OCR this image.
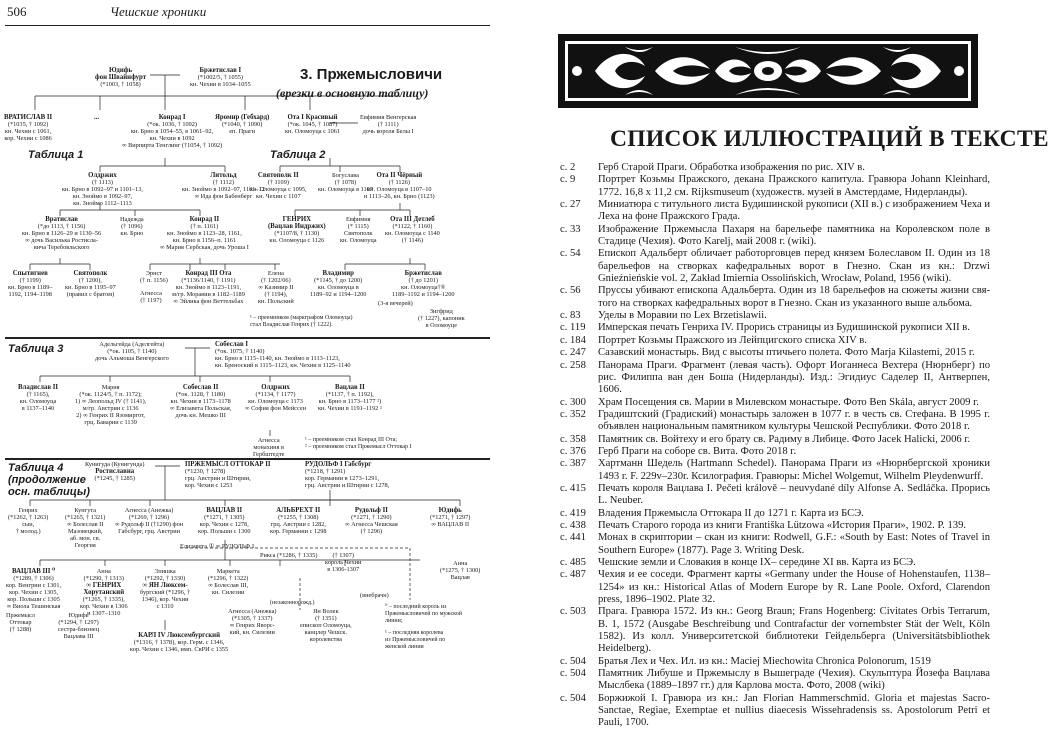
506	Чешские хроники
3. Пржемысловичи
(врезки в основную таблицу)
Таблица 1	Таблица 2
Таблица 3
Таблица 4
(продолжение
осн. таблицы)
Юдифь
фон Швайнфурт
(*1003, † 1058)
Бржетислав I
(*1002/5, † 1055)
кн. Чехии в 1034–1055
ВРАТИСЛАВ II
(*1035, † 1092)
кн. Чехии с 1061,
кор. Чехии с 1086
...	Конрад I
(*ок. 1036, † 1092)
кн. Брно в 1054–55, в 1061–92,
кн. Чехии в 1092
∞ Вирпирта Тенглинг (†1054, † 1092)
Яромир (Гебхард)
(*1040, † 1090)
еп. Праги
Ота I Красивый
(*ок. 1045, † 1087)
кн. Оломоуца с 1061
Евфимия Венгерская
(† 1111)
дочь короля Белы I
Олдржих
(† 1113)
кн. Брно в 1092–97 и 1101–13,
кн. Зноймо в 1092–97,
кн. Зноймо 1112–1113
Литольд
(† 1112)
кн. Зноймо в 1092–97, 1101–12
∞ Ида фон Бабенберг
Вратислав
(*до 1113, † 1156)
кн. Брно в 1126–29 и 1130–56
∞ дочь Василька Ростисла-
вича Теребовльского
Надежда
(† 1096)
кн. Брно
Конрад II
(† п. 1161)
кн. Зноймо в 1123–28, 1161,
кн. Брно в 1156–п. 1161
∞ Мария Сербская, дочь Уроша I
Спытигнев
(† 1199)
кн. Брно в 1189–
1192, 1194–1198
Святополк
(† 1200),
кн. Брно в 1195–97
(правил с братом)
Эрнст
(† п. 1156)
Агнесса
(† 1197)
Конрад III Ота
(*1136/1140, † 1191)
кн. Зноймо в 1123–1191,
м/гр. Моравии в 1182–1189
∞ Эйлика фон Веттельбах
Елена
(† 1202/06)
∞ Казимир II
(† 1194),
кн. Польский
Святополк II
(† 1109)
кн. Оломоуца с 1095,
кн. Чехии с 1107
Богуслава
(† 1078)
кн. Оломоуца в 1107
Ота II Чёрный
(† 1126)
кн. Оломоуца в 1107–10
и 1113–26, кн. Брно (1123)
ГЕНРИХ
(Вацлав Индржих)
(*1107/8, † 1130)
кн. Оломоуца с 1126
Евфимия
(* 1115)
Святополк
кн. Оломоуца
Ота III Детлеб
(*1122, † 1160)
кн. Оломоуца с 1140
(† 1146)
Владимир
(*1145, † до 1200)
кн. Оломоуца в
1189–92 и 1194–1200
Бржетислав
(† до 1201)
кн. Оломоуца†®
1189–1192 и 1194–1200
(3-я вечерей)
Зигфрид
(† 1227), капоник
в Оломоуце
¹ – преемником (маркграфом Оломоуца)
стал Владислав Генрих († 1222).
Адельгейда (Аделгейта)
(*ок. 1105, † 1140)
дочь Альмоша Венгерского
Собеслав I
(*ок. 1075, † 1140)
кн. Брно в 1115–1140, кн. Зноймо в 1113–1123,
кн. Бреноский в 1115–1123, кн. Чехии в 1125–1140
Владислав II
(† 1165),
кн. Оломоуца
в 1137–1140
Мария
(*ок. 1124/5, † п. 1172);
1) ∞ Леопольд IV († 1141),
м/гр. Австрии с 1136
2) ∞ Генрих II Язомиргот,
грц. Баварии с 1139
Собеслав II
(*ок. 1128, † 1180)
кн. Чехии в 1173–1178
∞ Елизавета Польская,
дочь кн. Мешко III
Олдржих
(*1134, † 1177)
кн. Оломоуца с 1173
∞ София фон Мейссен
Вацлав II
(*1137, † п. 1192),
кн. Брно в 1173–1177 ²)
кн. Чехии в 1191–1192 ²
Агнесса
монахиня в
Гербштедте
¹ – преемником стал Конрад III Ота;
² – преемником стал Пржемысл Оттокар I
Кунигуда (Кунигунда)
Ростиславна
(*1245, † 1285)
ПРЖЕМЫСЛ ОТТОКАР II
(*1230, † 1278)
грц. Австрии и Штирии,
кор. Чехии с 1253
РУДОЛЬФ I Габсбург
(*1218, † 1291)
кор. Германии в 1273–1291,
грц. Австрии и Штирии с 1278,
Генрих
(*1262, † 1263)
сын,
† молод.)
Кунгута
(*1265, † 1321)
∞ Болеслав II
Мазовецкий,
аб. мон. св.
Георгия
Агнесса (Анежка)
(*1269, † 1296)
∞ Рудольф II (†1290) фон
Габсбург, грц. Австрии
ВАЦЛАВ II
(*1271, † 1305)
кор. Чехии с 1278,
кор. Польши с 1300
АЛЬБРЕХТ II
(*1255, † 1308)
грц. Австрии с 1282,
кор. Германии с 1298
Рудольф II
(*1271, † 1290)
∞ Агнесса Чешская
(† 1296)
Юдифь
(*1271, † 1297)
∞ ВАЦЛАВ II
Елизавета ① ∞ РУДОЛЬФ I
Рикса (*1286, † 1335)	(† 1307)
король Чехии
в 1306-1307
ВАЦЛАВ III ⁰
(*1289, † 1306)
кор. Венгрии с 1301,
кор. Чехии с 1305,
кор. Польши с 1305
∞ Виола Тешинская
Анна
(*1290, † 1313)
∞ ГЕНРИХ
Хорутанский
(*1265, † 1335),
кор. Чехии в 1306
и 1307–1310
Элишка
(*1292, † 1330)
∞ ЯН Люксем-
бургский (*1296, †
1346), кор. Чехии
с 1310
Маркета
(*1296, † 1322)
∞ Болеслав III,
кн. Силезии
Агнесса (Анежка)
(*1305, † 1337)
∞ Генрих Яворс-
кий, кн. Силезии
Ян Волек
(† 1351)
епископ Оломоуца,
канцлер Чешск.
королевства
Пржемысл
Оттокар
(† 1288)
Юдифь
(*1294, † 1297)
сестра-близнец
Вацлава III	КАРЛ IV Люксембургский
(*1316, † 1378), кор. Герм. с 1346,
кор. Чехии с 1346, имп. СвРИ с 1355
Анна
(*1275, † 1300)
Вацлав
(внебрачн)
⁰ – последний король из
Пржемысловичей по мужской
линии;
¹ – последняя королева
из Пржемысловичей по
женской линии
(незаконнорожд.)
СПИСОК ИЛЛЮСТРАЦИЙ В ТЕКСТЕ
с. 2	Герб Старой Праги. Обработка изображения по рис. XIV в.
с. 9	Портрет Козьмы Пражского, декана Пражского капитула. Гравюра Johann Kleinhard, 1772. 16,8 х 11,2 см. Rijksmuseum (художеств. музей в Амстердаме, Нидерланды).
с. 27	Миниатюра с титульного листа Будишинской рукописи (XII в.) с изображением Чеха и Леха на фоне Пражского Града.
с. 33	Изображение Пржемысла Пахаря на барельефе памятника на Королевском поле в Стадице (Чехия). Фото Karelj, май 2008 г. (wiki).
с. 54	Епископ Адальберт обличает работорговцев перед князем Болеславом II. Один из 18 барельефов на створках кафедральных ворот в Гнезно. Скан из кн.: Drzwi Gnieźnieńskie vol. 2, Zakład Imierniа Ossolińskich, Wrocław, Poland, 1956 (wiki).
с. 56	Пруссы убивают епископа Адальберта. Один из 18 барельефов на сюжеты жизни свя-того на створках кафедральных ворот в Гнезно. Скан из указанного выше альбома.
с. 83	Уделы в Моравии по Lex Brzetislawii.
с. 119	Имперская печать Генриха IV. Прорись страницы из Будишинской рукописи XII в.
с. 184	Портрет Козьмы Пражского из Лейпцигского списка XIV в.
с. 247	Сазавский монастырь. Вид с высоты птичьего полета. Фото Marja Kilastemi, 2015 г.
с. 258	Панорама Праги. Фрагмент (левая часть). Офорт Иоганнеса Вехтера (Нюрнберг) по рис. Филиппа ван ден Боша (Нидерланды). Изд.: Эгидиус Саделер II, Антверпен, 1606.
с. 300	Храм Посещения св. Марии в Милевском монастыре. Фото Ben Skála, август 2009 г.
с. 352	Градиштский (Градиский) монастырь заложен в 1077 г. в честь св. Стефана. В 1995 г. объявлен национальным памятником культуры Чешской Республики. Фото 2018 г.
с. 358	Памятник св. Войтеху и его брату св. Радиму в Либице. Фото Jacek Halicki, 2006 г.
с. 376	Герб Праги на соборе св. Вита. Фото 2018 г.
с. 387	Хартманн Шедель (Hartmann Schedel). Панорама Праги из «Нюрнбергской хроники 1493 г. F. 229v–230r. Ксилография. Гравюры: Michel Wolgemut, Wilhelm Pleydenwurff.
с. 415	Печать короля Вацлава I. Pečeti králově – neuvydané díly Alfonse A. Sedláčka. Прорись L. Neuber.
с. 419	Владения Пржемысла Оттокара II до 1271 г. Карта из БСЭ.
с. 438	Печать Старого города из книги Františka Lützowa «История Праги», 1902. P. 139.
с. 441	Монах в скриптории – скан из книги: Rodwell, G.F.: «South by East: Notes of Travel in Southern Europe» (1877). Page 3. Writing Desk.
с. 485	Чешские земли и Словакия в конце IX– середине XI вв. Карта из БСЭ.
с. 487	Чехия и ее соседи. Фрагмент карты «Germany under the House of Hohenstaufen, 1138–1254» из кн.: Historical Atlas of Modern Europe by R. Lane Poole. Oxford, Clarendon press, 1896–1902. Plate 32.
с. 503	Прага. Гравюра 1572. Из кн.: Georg Braun; Frans Hogenberg: Civitates Orbis Terrarum, B. 1, 1572 (Ausgabe Beschreibung und Contrafactur der vornembster Stät der Welt, Köln 1582). Из колл. Университетской библиотеки Гейдельберга (Universitätsbibliothek Heidelberg).
с. 504	Братья Лех и Чех. Ил. из кн.: Maciej Miechowita Chronica Polonorum, 1519
с. 504	Памятник Либуше и Пржемыслу в Вышеграде (Чехия). Скульптура Йозефа Вацлава Мыслбека (1889–1897 гг.) для Карлова моста. Фото, 2008 (wiki)
с. 504	Боржижой I. Гравюра из кн.: Jan Florian Hammerschmid. Gloria et majestas Sacro-Sanctae, Regiae, Exemptae et nullius diaecesis Wissehradensis ss. Apostolorum Petri et Pauli, 1700.
